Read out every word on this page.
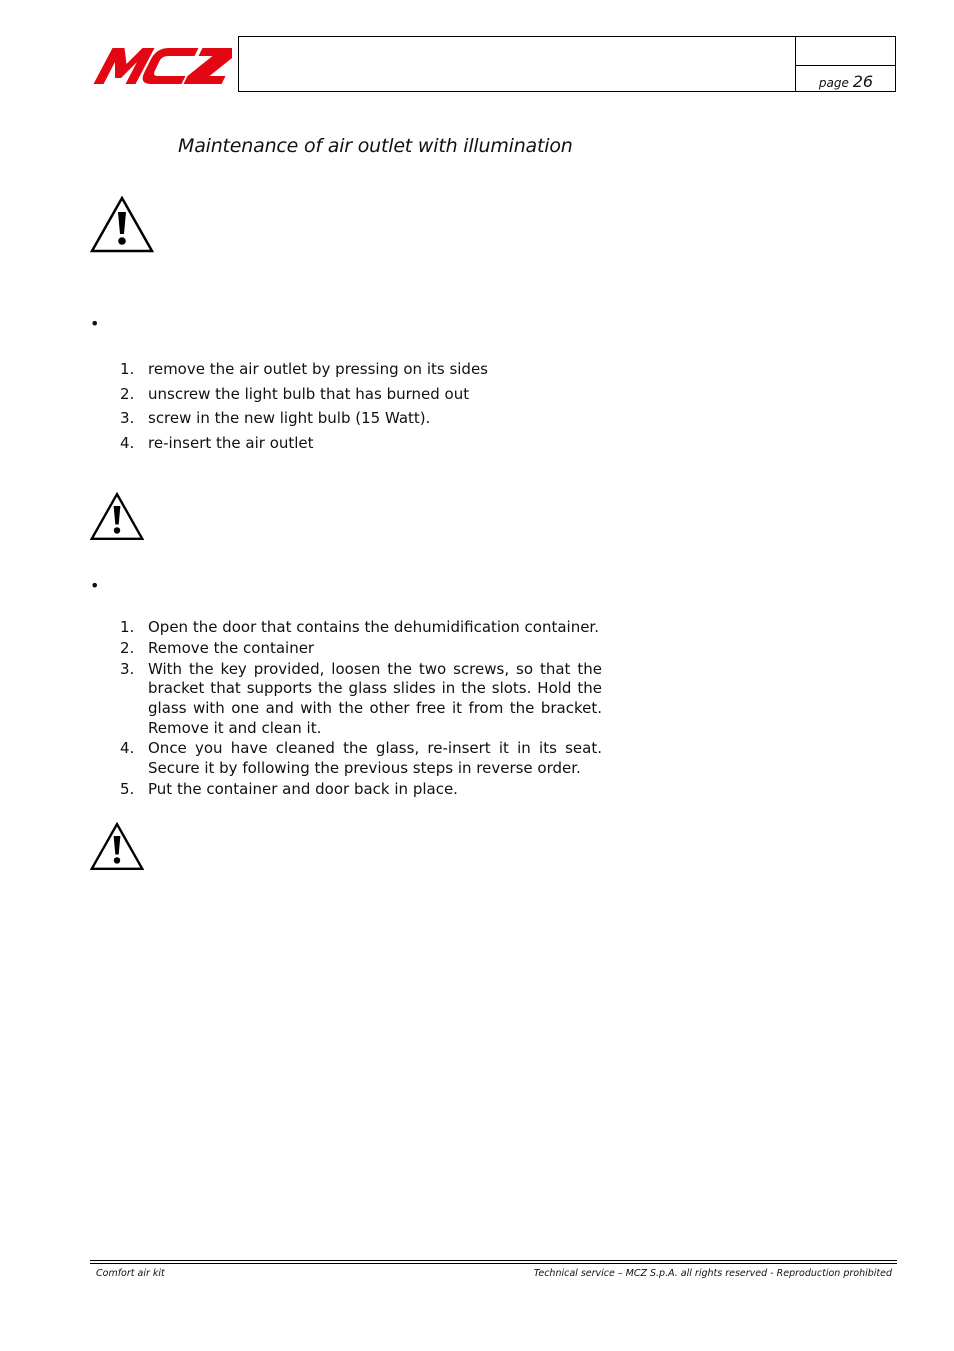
page 26
Maintenance of air outlet with illumination
•
1. remove the air outlet by pressing on its sides
2. unscrew the light bulb that has burned out
3. screw in the new light bulb (15 Watt).
4. re-insert the air outlet
•
1. Open the door that contains the dehumidification container.
2. Remove the container
3. With the key provided, loosen the two screws, so that the bracket that supports the glass slides in the slots. Hold the glass with one and with the other free it from the bracket. Remove it and clean it.
4. Once you have cleaned the glass, re-insert it in its seat. Secure it by following the previous steps in reverse order.
5. Put the container and door back in place.
Comfort air kit	Technical service – MCZ S.p.A. all rights reserved - Reproduction prohibited
